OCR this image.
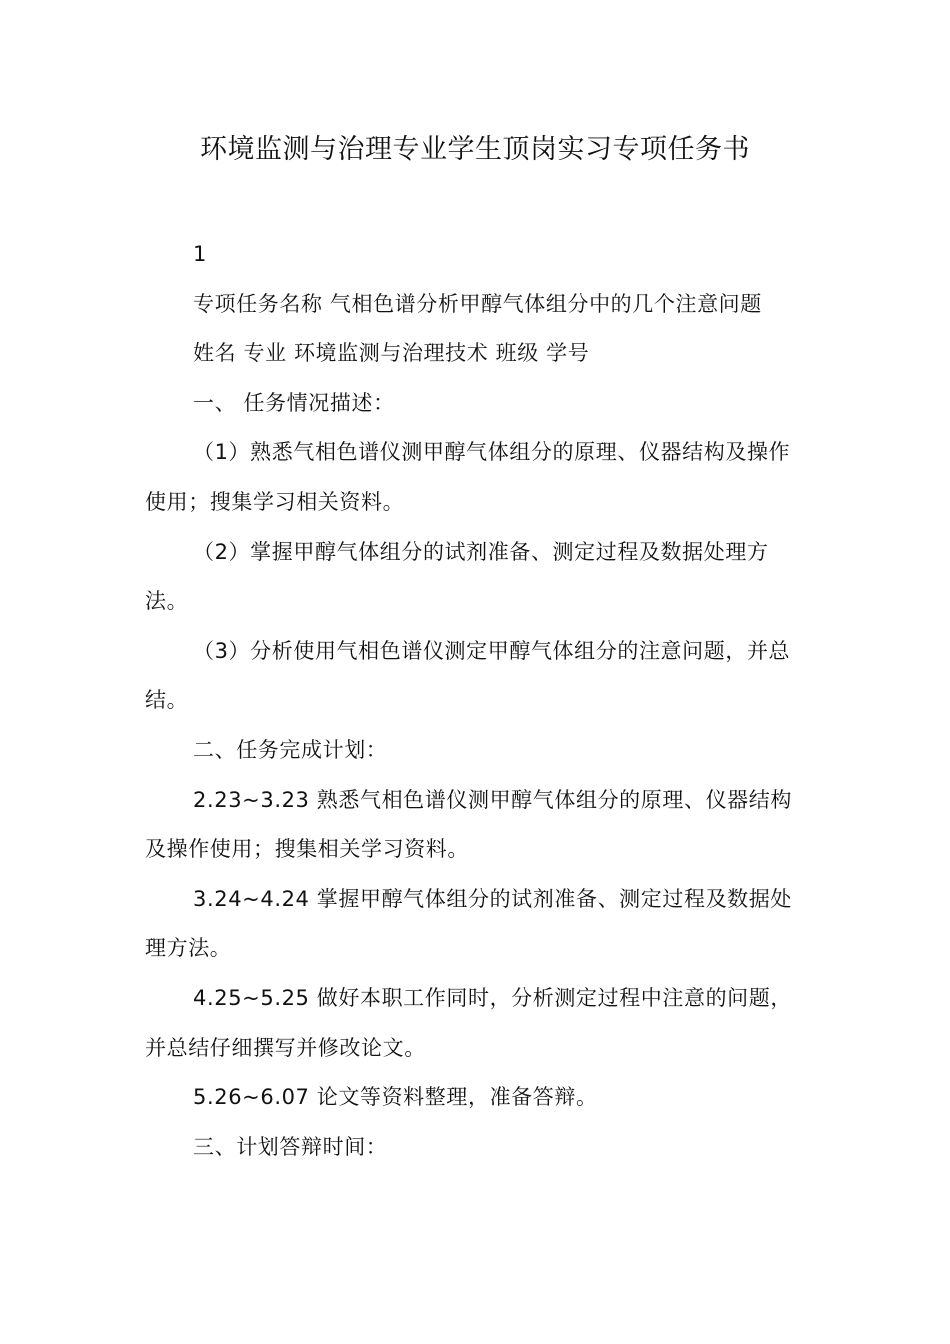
环境监测与治理专业学生顶岗实习专项任务书

1

专项任务名称 气相色谱分析甲醇气体组分中的几个注意问题

姓名 专业 环境监测与治理技术 班级 学号

一、 任务情况描述：

（1）熟悉气相色谱仪测甲醇气体组分的原理、仪器结构及操作使用；搜集学习相关资料。

（2）掌握甲醇气体组分的试剂准备、测定过程及数据处理方法。

（3）分析使用气相色谱仪测定甲醇气体组分的注意问题，并总结。

二、任务完成计划：

2.23~3.23 熟悉气相色谱仪测甲醇气体组分的原理、仪器结构及操作使用；搜集相关学习资料。

3.24~4.24 掌握甲醇气体组分的试剂准备、测定过程及数据处理方法。

4.25~5.25 做好本职工作同时，分析测定过程中注意的问题，并总结仔细撰写并修改论文。

5.26~6.07 论文等资料整理，准备答辩。

三、计划答辩时间：
